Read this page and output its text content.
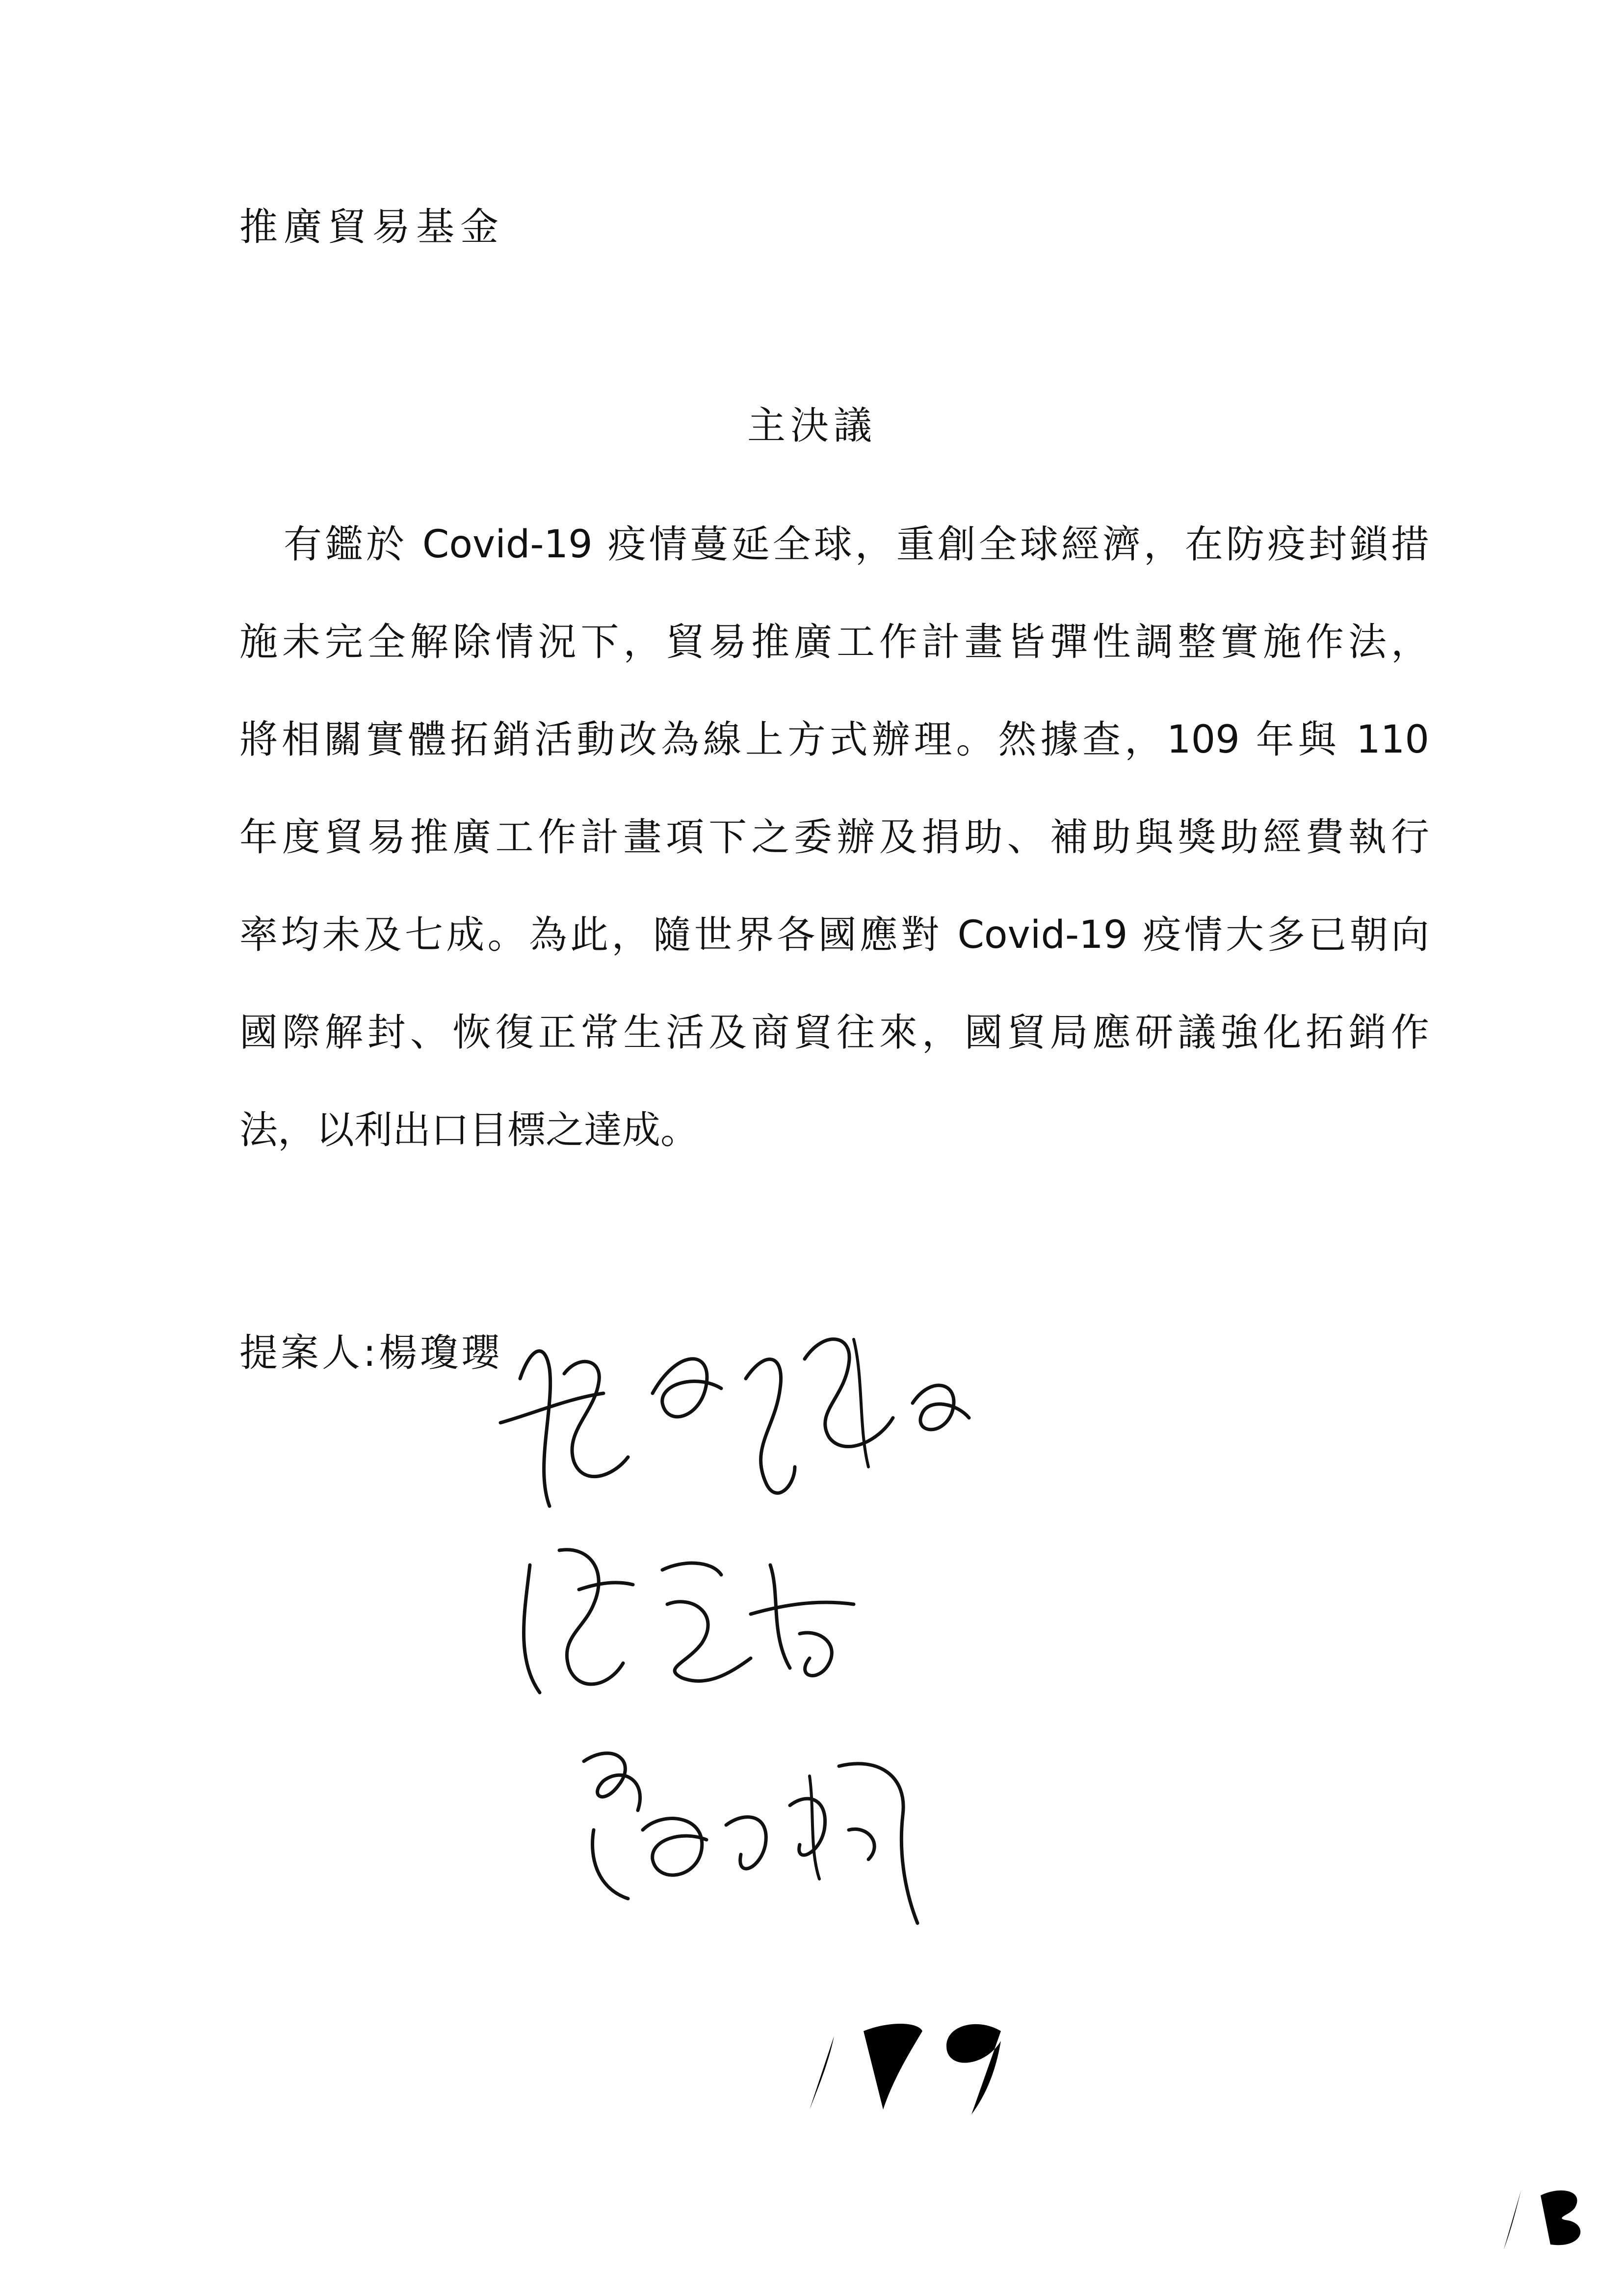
推廣貿易基金
主決議
有鑑於 Covid-19 疫情蔓延全球，重創全球經濟，在防疫封鎖措
施未完全解除情況下，貿易推廣工作計畫皆彈性調整實施作法，
將相關實體拓銷活動改為線上方式辦理。然據查，109 年與 110
年度貿易推廣工作計畫項下之委辦及捐助、補助與獎助經費執行
率均未及七成。為此，隨世界各國應對 Covid-19 疫情大多已朝向
國際解封、恢復正常生活及商貿往來，國貿局應研議強化拓銷作
法，以利出口目標之達成。
提案人:楊瓊瓔
